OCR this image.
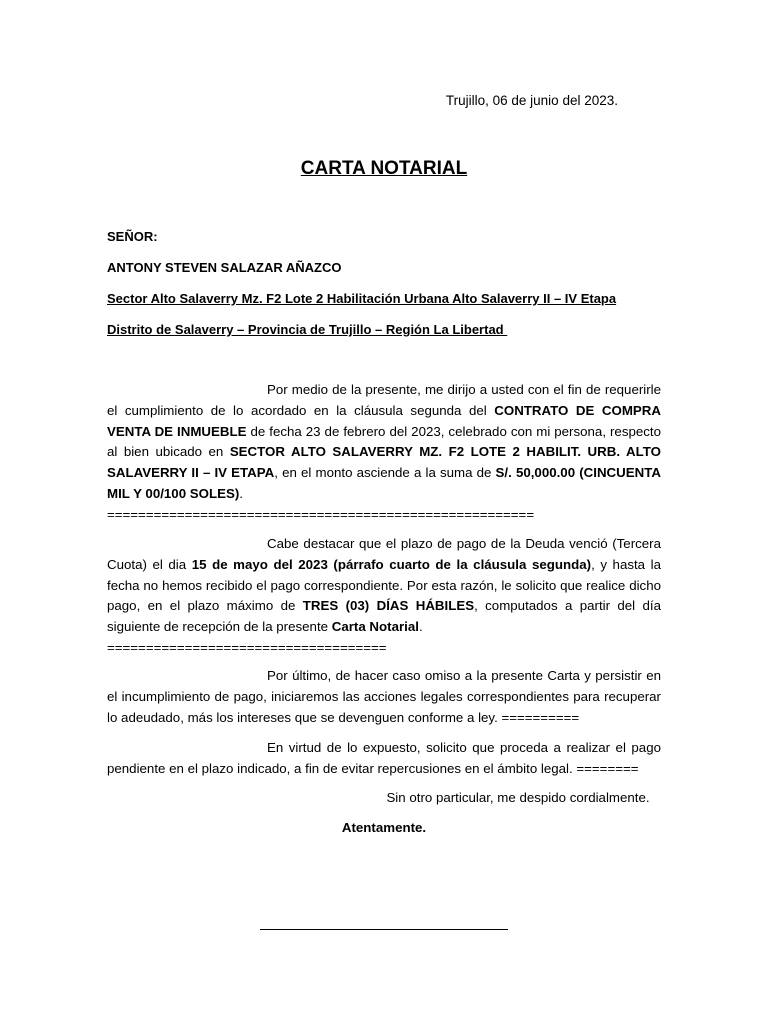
Trujillo, 06 de junio del 2023.
CARTA NOTARIAL
SEÑOR:
ANTONY STEVEN SALAZAR AÑAZCO
Sector Alto Salaverry Mz. F2 Lote 2 Habilitación Urbana Alto Salaverry II – IV Etapa
Distrito de Salaverry – Provincia de Trujillo – Región La Libertad
Por medio de la presente, me dirijo a usted con el fin de requerirle el cumplimiento de lo acordado en la cláusula segunda del CONTRATO DE COMPRA VENTA DE INMUEBLE de fecha 23 de febrero del 2023, celebrado con mi persona, respecto al bien ubicado en SECTOR ALTO SALAVERRY MZ. F2 LOTE 2 HABILIT. URB. ALTO SALAVERRY II – IV ETAPA, en el monto asciende a la suma de S/. 50,000.00 (CINCUENTA MIL Y 00/100 SOLES).
=======================================================
Cabe destacar que el plazo de pago de la Deuda venció (Tercera Cuota) el dia 15 de mayo del 2023 (párrafo cuarto de la cláusula segunda), y hasta la fecha no hemos recibido el pago correspondiente. Por esta razón, le solicito que realice dicho pago, en el plazo máximo de TRES (03) DÍAS HÁBILES, computados a partir del día siguiente de recepción de la presente Carta Notarial.
====================================
Por último, de hacer caso omiso a la presente Carta y persistir en el incumplimiento de pago, iniciaremos las acciones legales correspondientes para recuperar lo adeudado, más los intereses que se devenguen conforme a ley. ==========
En virtud de lo expuesto, solicito que proceda a realizar el pago pendiente en el plazo indicado, a fin de evitar repercusiones en el ámbito legal. ========
Sin otro particular, me despido cordialmente.
Atentamente.
